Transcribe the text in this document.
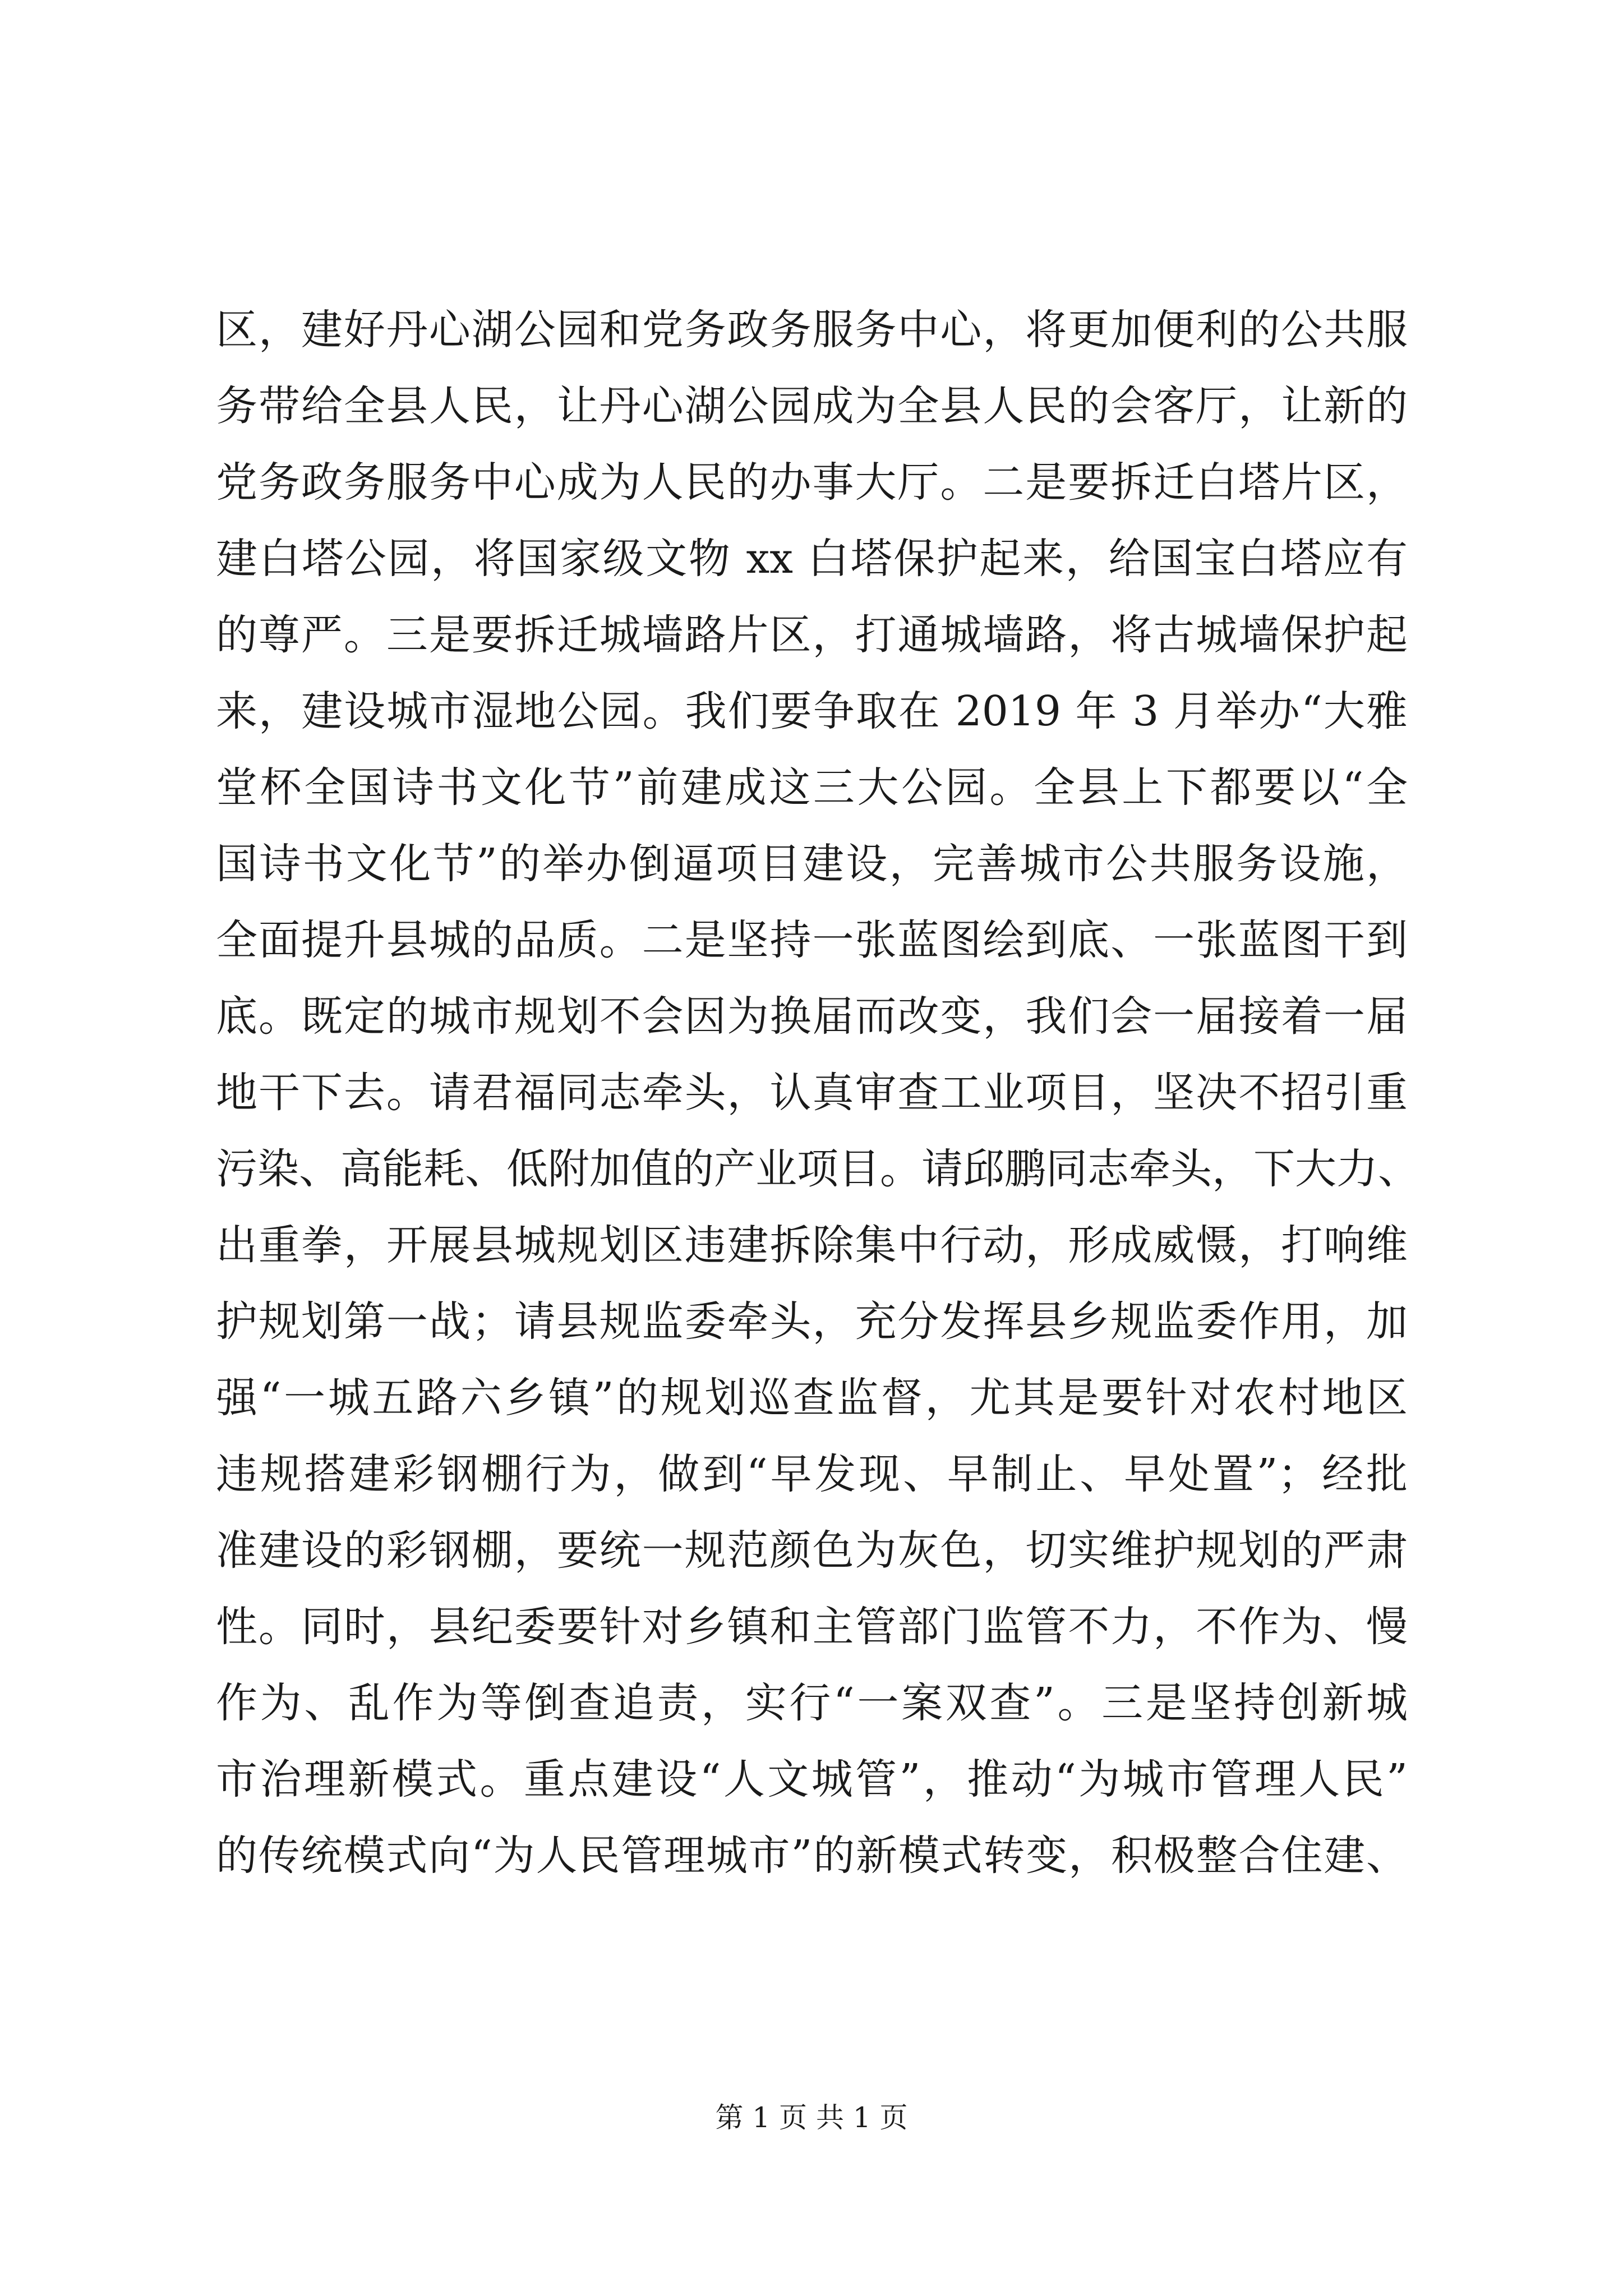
区，建好丹心湖公园和党务政务服务中心，将更加便利的公共服
务带给全县人民，让丹心湖公园成为全县人民的会客厅，让新的
党务政务服务中心成为人民的办事大厅。二是要拆迁白塔片区，
建白塔公园，将国家级文物 xx 白塔保护起来，给国宝白塔应有
的尊严。三是要拆迁城墙路片区，打通城墙路，将古城墙保护起
来，建设城市湿地公园。我们要争取在 2019 年 3 月举办“大雅
堂杯全国诗书文化节”前建成这三大公园。全县上下都要以“全
国诗书文化节”的举办倒逼项目建设，完善城市公共服务设施，
全面提升县城的品质。二是坚持一张蓝图绘到底、一张蓝图干到
底。既定的城市规划不会因为换届而改变，我们会一届接着一届
地干下去。请君福同志牵头，认真审查工业项目，坚决不招引重
污染、高能耗、低附加值的产业项目。请邱鹏同志牵头，下大力、
出重拳，开展县城规划区违建拆除集中行动，形成威慑，打响维
护规划第一战；请县规监委牵头，充分发挥县乡规监委作用，加
强“一城五路六乡镇”的规划巡查监督，尤其是要针对农村地区
违规搭建彩钢棚行为，做到“早发现、早制止、早处置”；经批
准建设的彩钢棚，要统一规范颜色为灰色，切实维护规划的严肃
性。同时，县纪委要针对乡镇和主管部门监管不力，不作为、慢
作为、乱作为等倒查追责，实行“一案双查”。三是坚持创新城
市治理新模式。重点建设“人文城管”，推动“为城市管理人民”
的传统模式向“为人民管理城市”的新模式转变，积极整合住建、
第 1 页 共 1 页
